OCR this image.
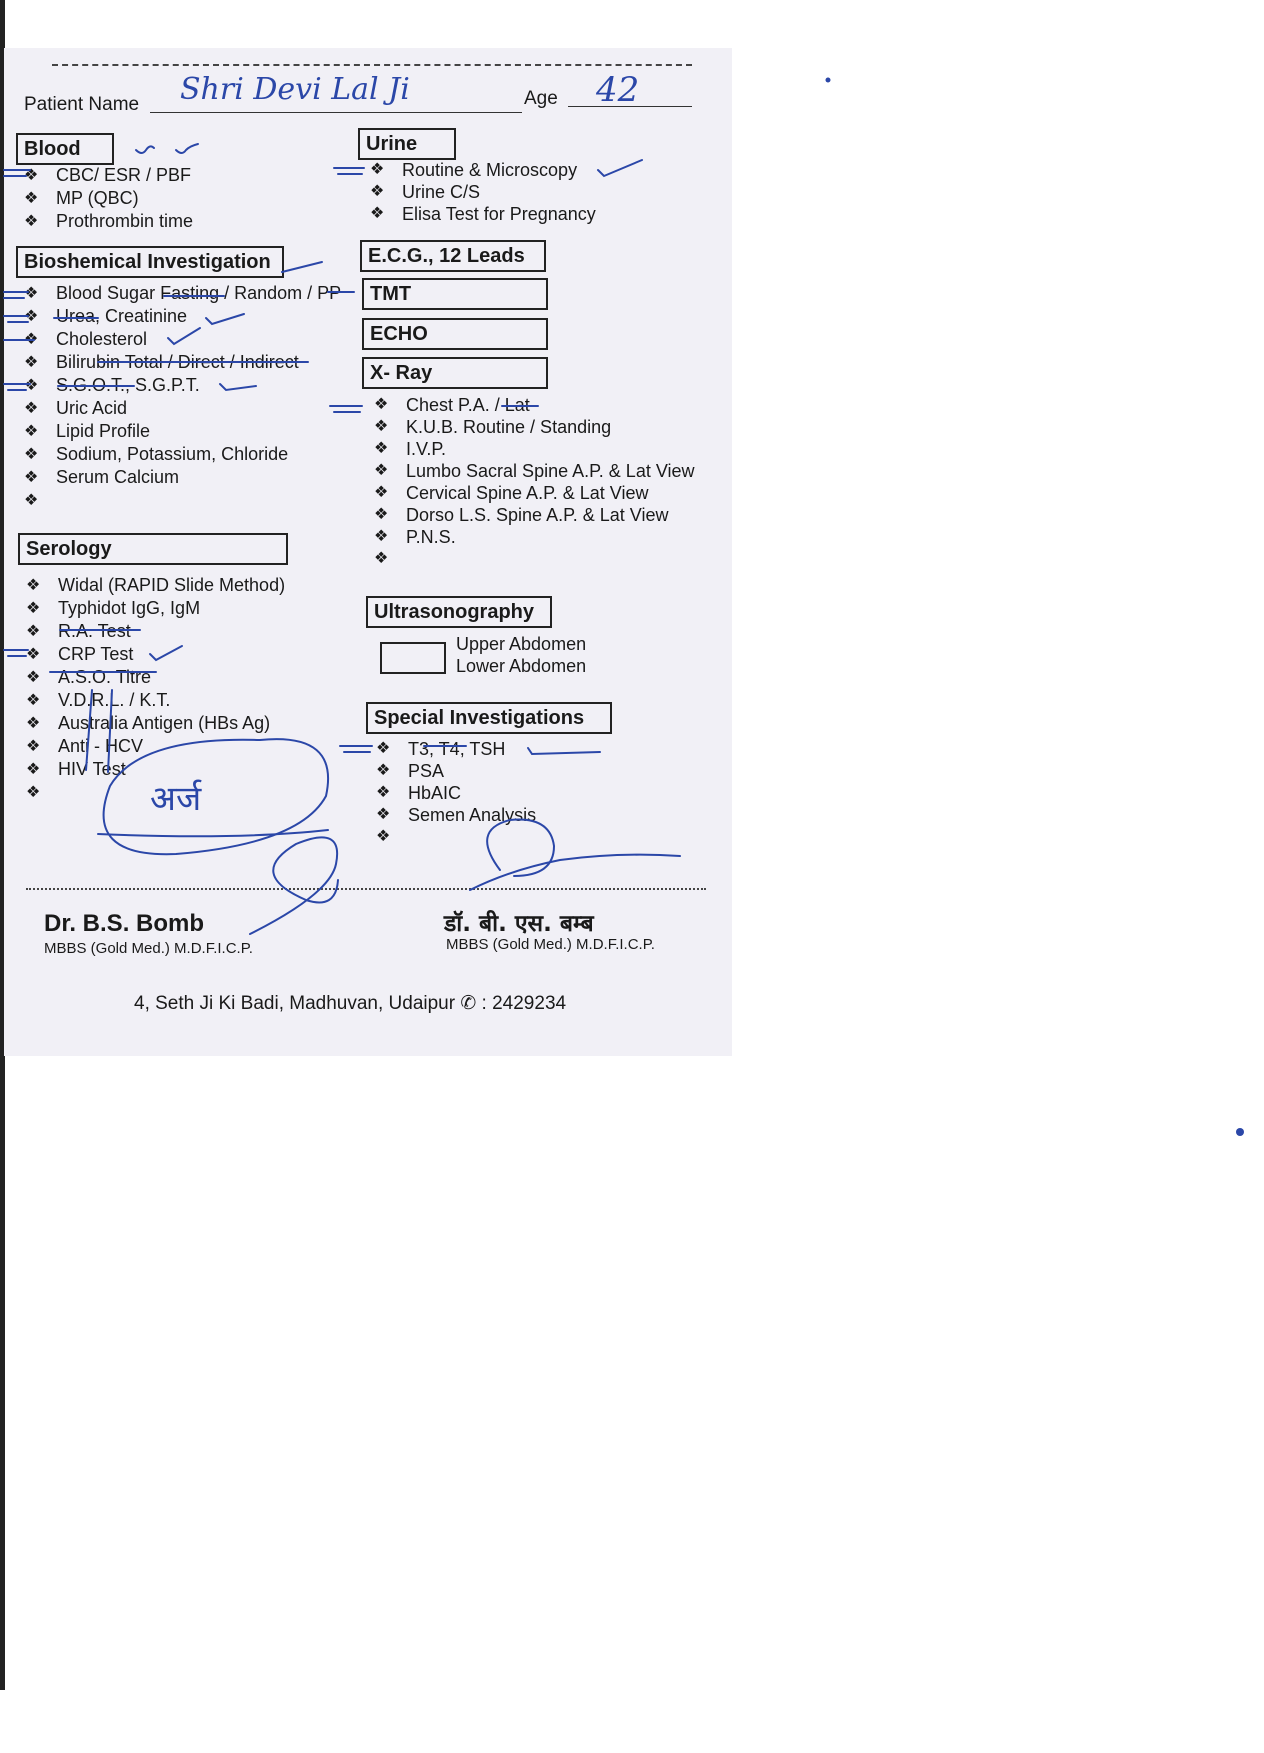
Patient Name Shri Devi Lal Ji	Age 42
Blood
❖ CBC/ ESR / PBF
❖ MP (QBC)
❖ Prothrombin time
Bioshemical Investigation
❖ Blood Sugar Fasting / Random / PP
❖ Urea, Creatinine
❖ Cholesterol
❖ Bilirubin Total / Direct / Indirect
❖ S.G.O.T., S.G.P.T.
❖ Uric Acid
❖ Lipid Profile
❖ Sodium, Potassium, Chloride
❖ Serum Calcium
❖
Serology
❖ Widal (RAPID Slide Method)
❖ Typhidot IgG, IgM
❖ R.A. Test
❖ CRP Test
❖ A.S.O. Titre
❖ V.D.R.L. / K.T.
❖ Australia Antigen (HBs Ag)
❖ Anti - HCV
❖ HIV Test
❖
Urine
❖ Routine & Microscopy
❖ Urine C/S
❖ Elisa Test for Pregnancy
E.C.G., 12 Leads
TMT
ECHO
X- Ray
❖ Chest P.A. / Lat
❖ K.U.B. Routine / Standing
❖ I.V.P.
❖ Lumbo Sacral Spine A.P. & Lat View
❖ Cervical Spine A.P. & Lat View
❖ Dorso L.S. Spine A.P. & Lat View
❖ P.N.S.
❖
Ultrasonography
Upper Abdomen
Lower Abdomen
Special Investigations
❖ T3, T4, TSH
❖ PSA
❖ HbAIC
❖ Semen Analysis
❖
Dr. B.S. Bomb
MBBS (Gold Med.) M.D.F.I.C.P.
डॉ. बी. एस. बम्ब
MBBS (Gold Med.) M.D.F.I.C.P.
4, Seth Ji Ki Badi, Madhuvan, Udaipur ✆ : 2429234
अर्ज
